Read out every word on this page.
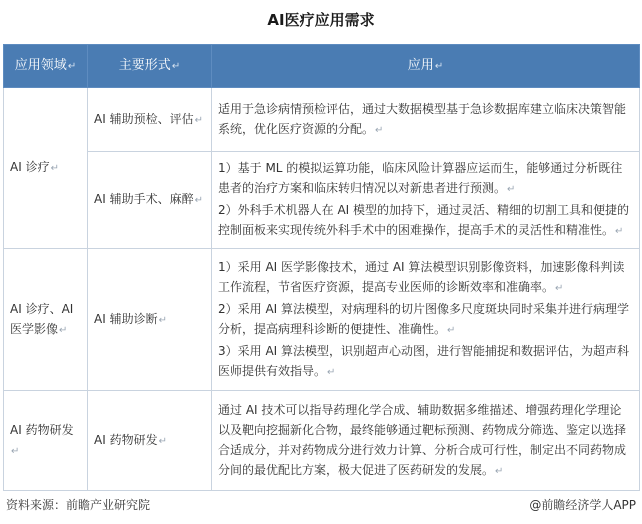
AI医疗应用需求
应用领域↵	主要形式↵	应用↵
AI 诊疗↵	AI 辅助预检、评估↵	适用于急诊病情预检评估，通过大数据模型基于急诊数据库建立临床决策智能系统，优化医疗资源的分配。↵
	AI 辅助手术、麻醉↵	1）基于 ML 的模拟运算功能，临床风险计算器应运而生，能够通过分析既往患者的治疗方案和临床转归情况以对新患者进行预测。↵
2）外科手术机器人在 AI 模型的加持下，通过灵活、精细的切割工具和便捷的控制面板来实现传统外科手术中的困难操作，提高手术的灵活性和精准性。↵

AI 诊疗、AI 医学影像↵	AI 辅助诊断↵	1）采用 AI 医学影像技术，通过 AI 算法模型识别影像资料，加速影像科判读工作流程，节省医疗资源，提高专业医师的诊断效率和准确率。↵
2）采用 AI 算法模型，对病理科的切片图像多尺度斑块同时采集并进行病理学分析，提高病理科诊断的便捷性、准确性。↵
3）采用 AI 算法模型，识别超声心动图，进行智能捕捉和数据评估，为超声科医师提供有效指导。↵

AI 药物研发↵	AI 药物研发↵	通过 AI 技术可以指导药理化学合成、辅助数据多维描述、增强药理化学理论以及靶向挖掘新化合物，最终能够通过靶标预测、药物成分筛选、鉴定以选择合适成分，并对药物成分进行效力计算、分析合成可行性，制定出不同药物成分间的最优配比方案，极大促进了医药研发的发展。↵
资料来源：前瞻产业研究院	@前瞻经济学人APP
